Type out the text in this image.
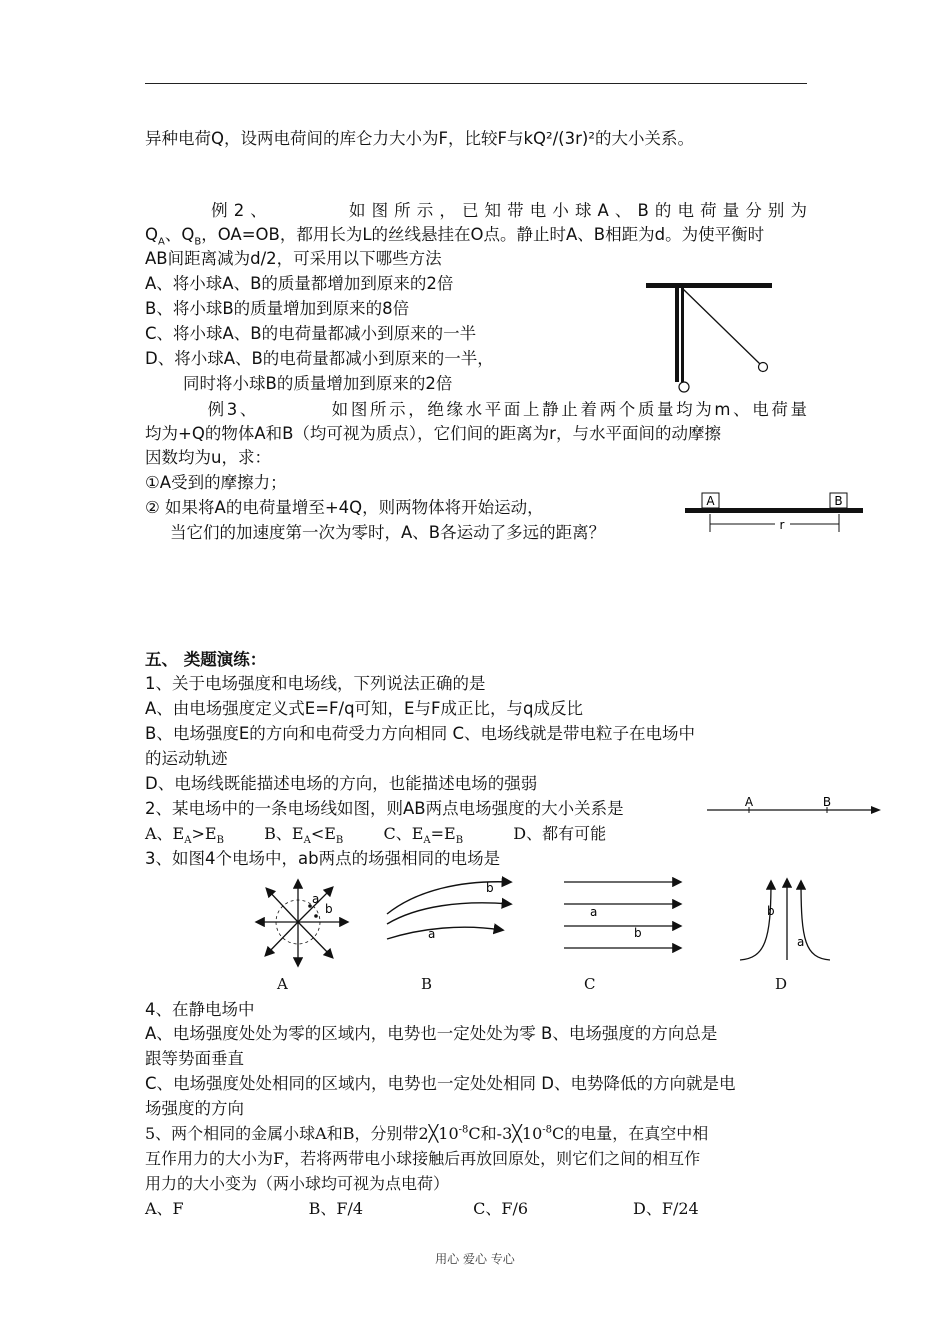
异种电荷Q，设两电荷间的库仑力大小为F，比较F与kQ²/(3r)²的大小关系。
例2、	如图所示，已知带电小球A、B的电荷量分别为
$Q_A$、$Q_B$，OA=OB，都用长为L的丝线悬挂在O点。静止时A、B相距为d。为使平衡时
AB间距离减为d/2，可采用以下哪些方法
A、将小球A、B的质量都增加到原来的2倍
B、将小球B的质量增加到原来的8倍
C、将小球A、B的电荷量都减小到原来的一半
D、将小球A、B的电荷量都减小到原来的一半，
同时将小球B的质量增加到原来的2倍
例3、	如图所示，绝缘水平面上静止着两个质量均为m、电荷量
均为+Q的物体A和B（均可视为质点），它们间的距离为r，与水平面间的动摩擦
因数均为u，求：
①A受到的摩擦力；
② 如果将A的电荷量增至+4Q，则两物体将开始运动，
当它们的加速度第一次为零时，A、B各运动了多远的距离？
A	B
r
五、 类题演练：
1、关于电场强度和电场线，下列说法正确的是
A、由电场强度定义式E=F/q可知，E与F成正比，与q成反比
B、电场强度E的方向和电荷受力方向相同 C、电场线就是带电粒子在电场中
的运动轨迹
D、电场线既能描述电场的方向，也能描述电场的强弱
2、某电场中的一条电场线如图，则AB两点电场强度的大小关系是	A	B
A、$E_A>E_B$	B、$E_A<E_B$	C、$E_A=E_B$	D、都有可能
3、如图4个电场中，ab两点的场强相同的电场是
a
b
b
a
a
b
b
a
A	B	C	D
4、在静电场中
A、电场强度处处为零的区域内，电势也一定处处为零 B、电场强度的方向总是
跟等势面垂直
C、电场强度处处相同的区域内，电势也一定处处相同 D、电势降低的方向就是电
场强度的方向
5、两个相同的金属小球A和B，分别带$2╳10^{-8}C$和$-3╳10^{-8}C$的电量，在真空中相
互作用力的大小为F，若将两带电小球接触后再放回原处，则它们之间的相互作
用力的大小变为（两小球均可视为点电荷）
A、F	B、F/4	C、F/6	D、F/24
用心 爱心 专心
